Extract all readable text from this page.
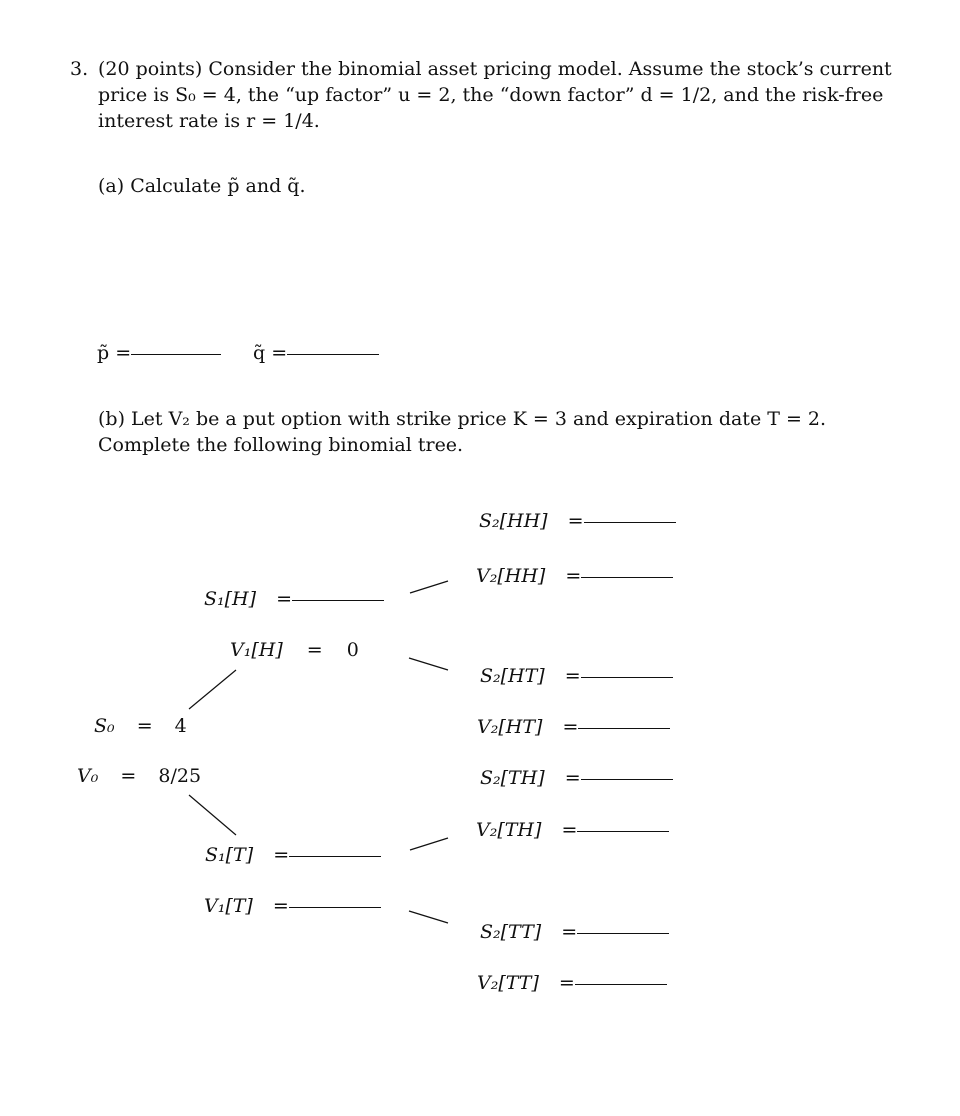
3. (20 points) Consider the binomial asset pricing model. Assume the stock’s current price is S₀ = 4, the “up factor” u = 2, the “down factor” d = 1/2, and the risk-free interest rate is r = 1/4.
(a) Calculate p̃ and q̃.
p̃ =	q̃ =
(b) Let V₂ be a put option with strike price K = 3 and expiration date T = 2. Complete the following binomial tree.
S₀ = 4
V₀ = 8/25
S₁[H] =
V₁[H] = 0
S₁[T] =
V₁[T] =
S₂[HH] =
V₂[HH] =
S₂[HT] =
V₂[HT] =
S₂[TH] =
V₂[TH] =
S₂[TT] =
V₂[TT] =
